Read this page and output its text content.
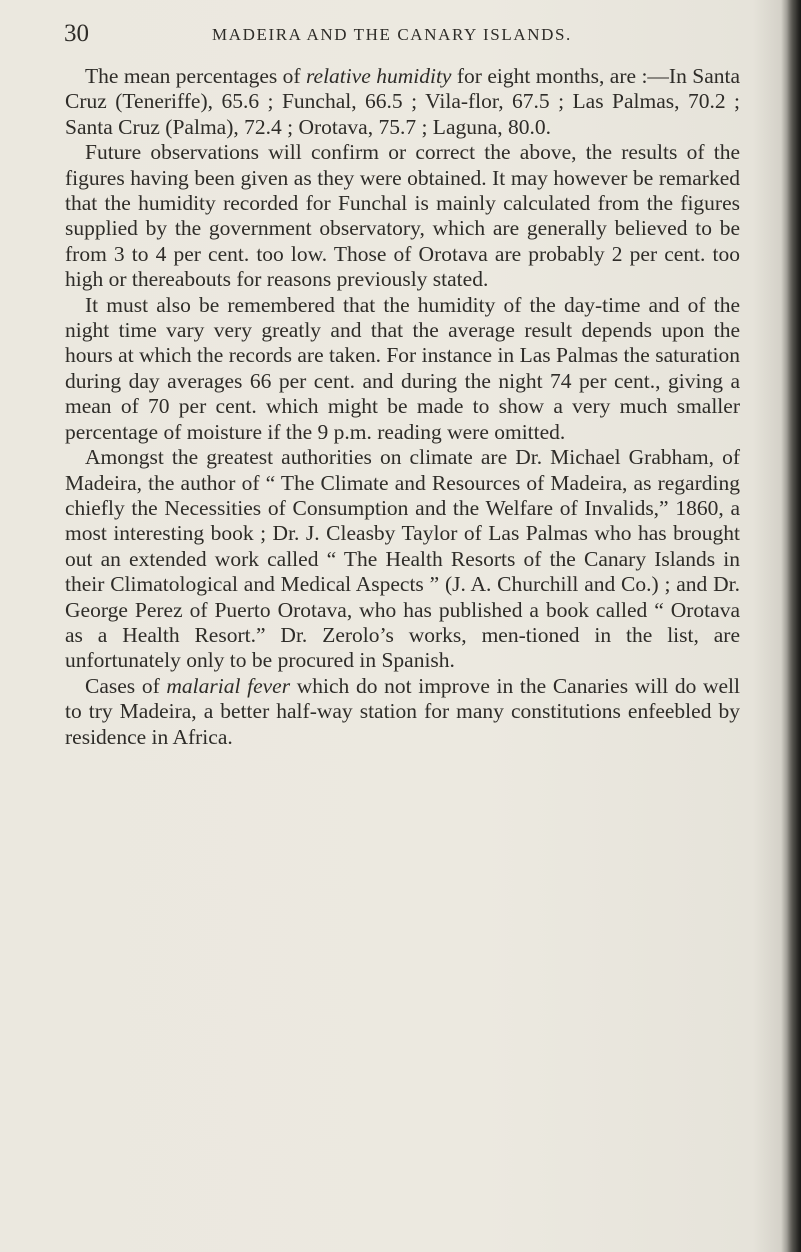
30	MADEIRA AND THE CANARY ISLANDS.

The mean percentages of relative humidity for eight months, are :—In Santa Cruz (Teneriffe), 65.6 ; Funchal, 66.5 ; Vila-flor, 67.5 ; Las Palmas, 70.2 ; Santa Cruz (Palma), 72.4 ; Orotava, 75.7 ; Laguna, 80.0.

Future observations will confirm or correct the above, the results of the figures having been given as they were obtained. It may however be remarked that the humidity recorded for Funchal is mainly calculated from the figures supplied by the government observatory, which are generally believed to be from 3 to 4 per cent. too low. Those of Orotava are probably 2 per cent. too high or thereabouts for reasons previously stated.

It must also be remembered that the humidity of the day-time and of the night time vary very greatly and that the average result depends upon the hours at which the records are taken. For instance in Las Palmas the saturation during day averages 66 per cent. and during the night 74 per cent., giving a mean of 70 per cent. which might be made to show a very much smaller percentage of moisture if the 9 p.m. reading were omitted.

Amongst the greatest authorities on climate are Dr. Michael Grabham, of Madeira, the author of “ The Climate and Resources of Madeira, as regarding chiefly the Necessities of Consumption and the Welfare of Invalids,” 1860, a most interesting book ; Dr. J. Cleasby Taylor of Las Palmas who has brought out an extended work called “ The Health Resorts of the Canary Islands in their Climatological and Medical Aspects ” (J. A. Churchill and Co.) ; and Dr. George Perez of Puerto Orotava, who has published a book called “ Orotava as a Health Resort.” Dr. Zerolo’s works, men-tioned in the list, are unfortunately only to be procured in Spanish.

Cases of malarial fever which do not improve in the Canaries will do well to try Madeira, a better half-way station for many constitutions enfeebled by residence in Africa.
